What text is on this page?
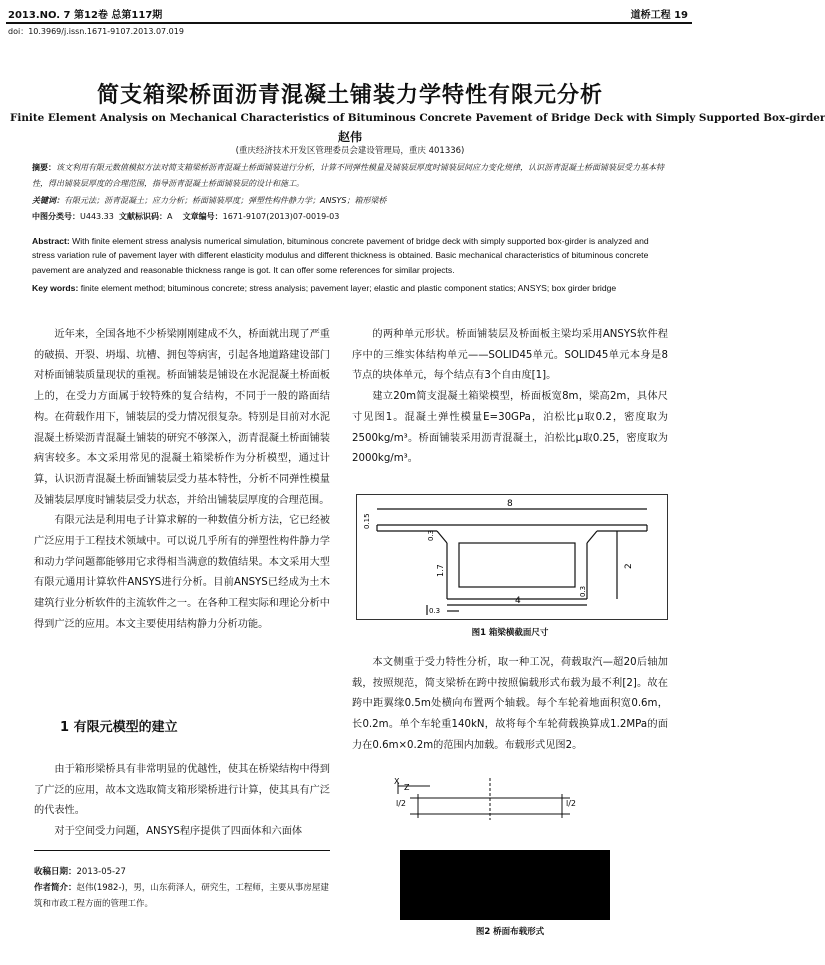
2013.NO. 7 第12卷 总第117期	道桥工程 19
doi：10.3969/j.issn.1671-9107.2013.07.019
简支箱梁桥面沥青混凝土铺装力学特性有限元分析
Finite Element Analysis on Mechanical Characteristics of Bituminous Concrete Pavement of Bridge Deck with Simply Supported Box-girder
赵伟
(重庆经济技术开发区管理委员会建设管理局，重庆 401336)
摘要：该文利用有限元数值模拟方法对简支箱梁桥沥青混凝土桥面铺装进行分析，计算不同弹性模量及铺装层厚度时铺装层间应力变化规律，认识沥青混凝土桥面铺装层受力基本特性，得出铺装层厚度的合理范围，指导沥青混凝土桥面铺装层的设计和施工。
关键词：有限元法；沥青混凝土；应力分析；桥面铺装厚度；弹塑性构件静力学；ANSYS；箱形梁桥
中图分类号：U443.33 文献标识码：A 文章编号：1671-9107(2013)07-0019-03
Abstract: With finite element stress analysis numerical simulation, bituminous concrete pavement of bridge deck with simply supported box-girder is analyzed and stress variation rule of pavement layer with different elasticity modulus and different thickness is obtained. Basic mechanical characteristics of bituminous concrete pavement are analyzed and reasonable thickness range is got. It can offer some references for similar projects.
Key words: finite element method; bituminous concrete; stress analysis; pavement layer; elastic and plastic component statics; ANSYS; box girder bridge

近年来，全国各地不少桥梁刚刚建成不久，桥面就出现了严重的破损、开裂、坍塌、坑槽、拥包等病害，引起各地道路建设部门对桥面铺装质量现状的重视。桥面铺装是铺设在水泥混凝土桥面板上的，在受力方面属于较特殊的复合结构，不同于一般的路面结构。在荷载作用下，铺装层的受力情况很复杂。特别是目前对水泥混凝土桥梁沥青混凝土铺装的研究不够深入，沥青混凝土桥面铺装病害较多。本文采用常见的混凝土箱梁桥作为分析模型，通过计算，认识沥青混凝土桥面铺装层受力基本特性，分析不同弹性模量及铺装层厚度时铺装层受力状态，并给出铺装层厚度的合理范围。

有限元法是利用电子计算求解的一种数值分析方法，它已经被广泛应用于工程技术领域中。可以说几乎所有的弹塑性构件静力学和动力学问题都能够用它求得相当满意的数值结果。本文采用大型有限元通用计算软件ANSYS进行分析。目前ANSYS已经成为土木建筑行业分析软件的主流软件之一。在各种工程实际和理论分析中得到广泛的应用。本文主要使用结构静力分析功能。

1 有限元模型的建立

由于箱形梁桥具有非常明显的优越性，使其在桥梁结构中得到了广泛的应用，故本文选取简支箱形梁桥进行计算，使其具有广泛的代表性。

对于空间受力问题，ANSYS程序提供了四面体和六面体

收稿日期：2013-05-27
作者简介：赵伟(1982-)，男，山东荷泽人，研究生，工程师，主要从事房屋建筑和市政工程方面的管理工作。

的两种单元形状。桥面铺装层及桥面板主梁均采用ANSYS软件程序中的三维实体结构单元——SOLID45单元。SOLID45单元本身是8节点的块体单元，每个结点有3个自由度[1]。

建立20m简支混凝土箱梁模型，桥面板宽8m，梁高2m，具体尺寸见图1。混凝土弹性模量E=30GPa，泊松比μ取0.2，密度取为2500kg/m³。桥面铺装采用沥青混凝土，泊松比μ取0.25，密度取为2000kg/m³。

8
0.15
0.3
1.7	2
0.3
4
0.3
图1 箱梁横截面尺寸

本文侧重于受力特性分析，取一种工况，荷载取汽—超20后轴加载，按照规范，简支梁桥在跨中按照偏载形式布载为最不利[2]。故在跨中距翼缘0.5m处横向布置两个轴载。每个车轮着地面积宽0.6m，长0.2m。单个车轮重140kN，故将每个车轮荷载换算成1.2MPa的面力在0.6m×0.2m的范围内加载。布载形式见图2。

X
Z
l/2	l/2
图2 桥面布载形式
